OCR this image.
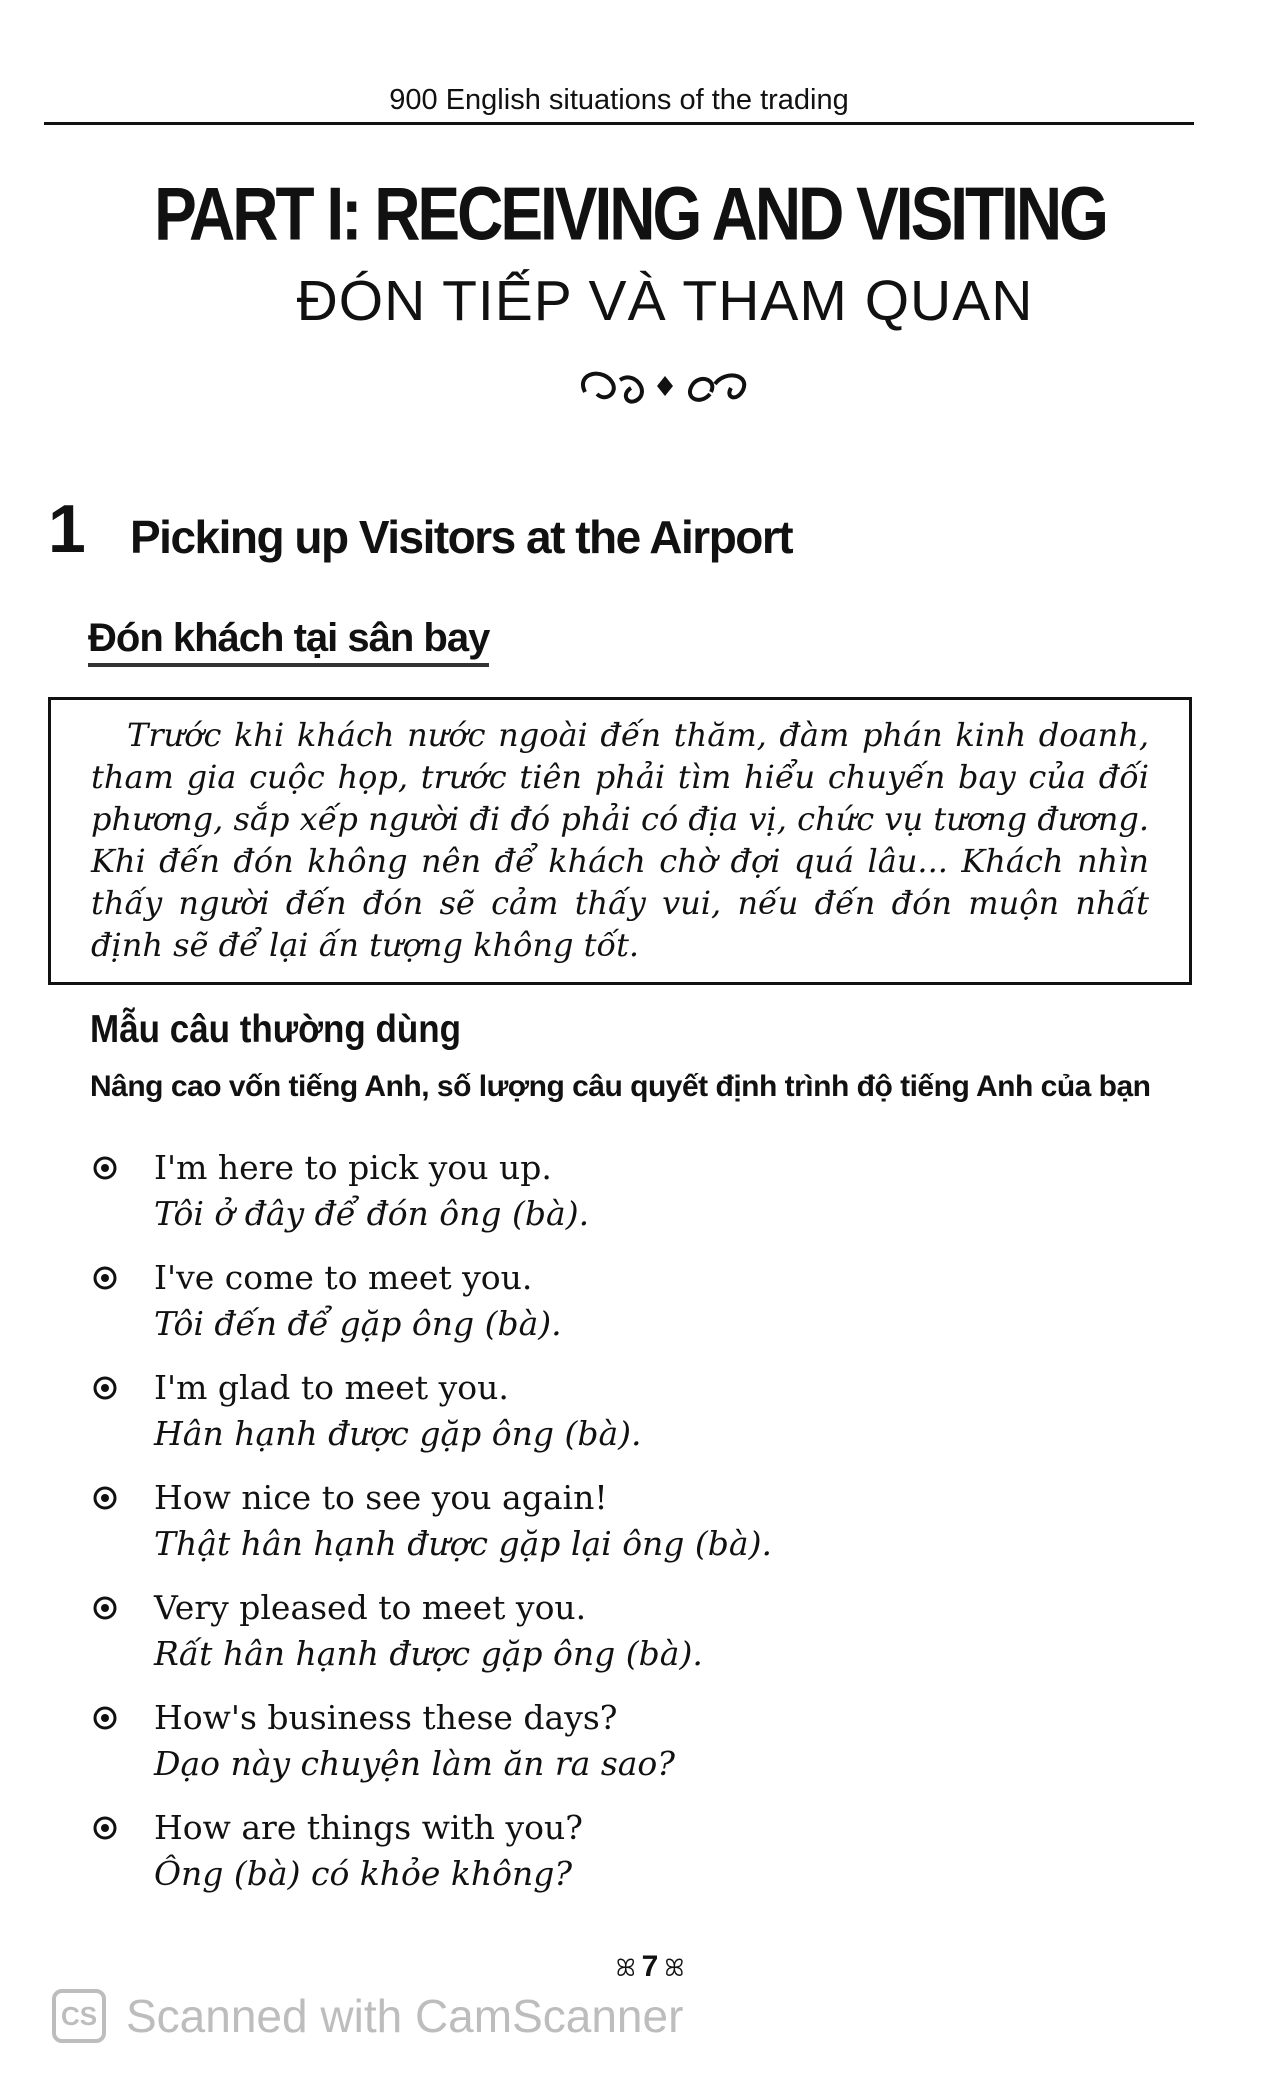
900 English situations of the trading
PART I: RECEIVING AND VISITING
ĐÓN TIẾP VÀ THAM QUAN
1 Picking up Visitors at the Airport
Đón khách tại sân bay
Trước khi khách nước ngoài đến thăm, đàm phán kinh doanh, tham gia cuộc họp, trước tiên phải tìm hiểu chuyến bay của đối phương, sắp xếp người đi đó phải có địa vị, chức vụ tương đương. Khi đến đón không nên để khách chờ đợi quá lâu... Khách nhìn thấy người đến đón sẽ cảm thấy vui, nếu đến đón muộn nhất định sẽ để lại ấn tượng không tốt.
Mẫu câu thường dùng
Nâng cao vốn tiếng Anh, số lượng câu quyết định trình độ tiếng Anh của bạn
I'm here to pick you up.
Tôi ở đây để đón ông (bà).
I've come to meet you.
Tôi đến để gặp ông (bà).
I'm glad to meet you.
Hân hạnh được gặp ông (bà).
How nice to see you again!
Thật hân hạnh được gặp lại ông (bà).
Very pleased to meet you.
Rất hân hạnh được gặp ông (bà).
How's business these days?
Dạo này chuyện làm ăn ra sao?
How are things with you?
Ông (bà) có khỏe không?
ꕤ 7 ꕤ
CS Scanned with CamScanner
